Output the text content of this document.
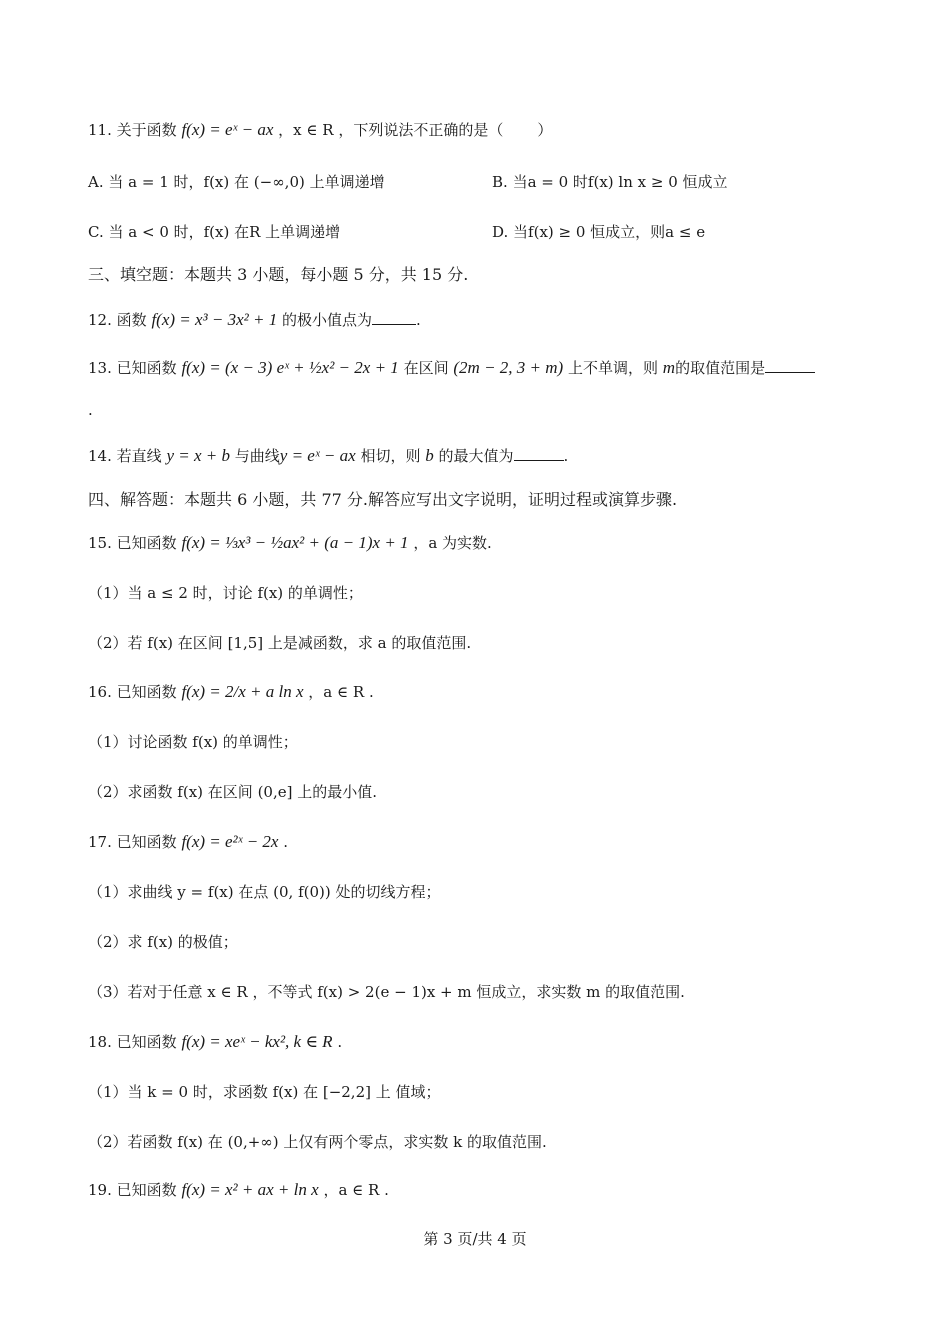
11. 关于函数 f(x) = eˣ − ax ，x ∈ R ，下列说法不正确的是（ ）
A. 当 a = 1 时，f(x) 在 (−∞,0) 上单调递增	B. 当a = 0 时f(x) ln x ≥ 0 恒成立
C. 当 a < 0 时，f(x) 在R 上单调递增	D. 当f(x) ≥ 0 恒成立，则a ≤ e
三、填空题：本题共 3 小题，每小题 5 分，共 15 分.
12. 函数 f(x) = x³ − 3x² + 1 的极小值点为	.
13. 已知函数 f(x) = (x − 3) eˣ + ½x² − 2x + 1 在区间 (2m − 2, 3 + m) 上不单调，则 m的取值范围是
.
14. 若直线 y = x + b 与曲线y = eˣ − ax 相切，则 b 的最大值为	.
四、解答题：本题共 6 小题，共 77 分.解答应写出文字说明，证明过程或演算步骤.
15. 已知函数 f(x) = ⅓x³ − ½ax² + (a − 1)x + 1 ，a 为实数.
（1）当 a ≤ 2 时，讨论 f(x) 的单调性；
（2）若 f(x) 在区间 [1,5] 上是减函数，求 a 的取值范围.
16. 已知函数 f(x) = 2/x + a ln x ，a ∈ R .
（1）讨论函数 f(x) 的单调性；
（2）求函数 f(x) 在区间 (0,e] 上的最小值.
17. 已知函数 f(x) = e²ˣ − 2x .
（1）求曲线 y = f(x) 在点 (0, f(0)) 处的切线方程；
（2）求 f(x) 的极值；
（3）若对于任意 x ∈ R ，不等式 f(x) > 2(e − 1)x + m 恒成立，求实数 m 的取值范围.
18. 已知函数 f(x) = xeˣ − kx², k ∈ R .
（1）当 k = 0 时，求函数 f(x) 在 [−2,2] 上 值域；
（2）若函数 f(x) 在 (0,+∞) 上仅有两个零点，求实数 k 的取值范围.
19. 已知函数 f(x) = x² + ax + ln x ，a ∈ R .
第 3 页/共 4 页
